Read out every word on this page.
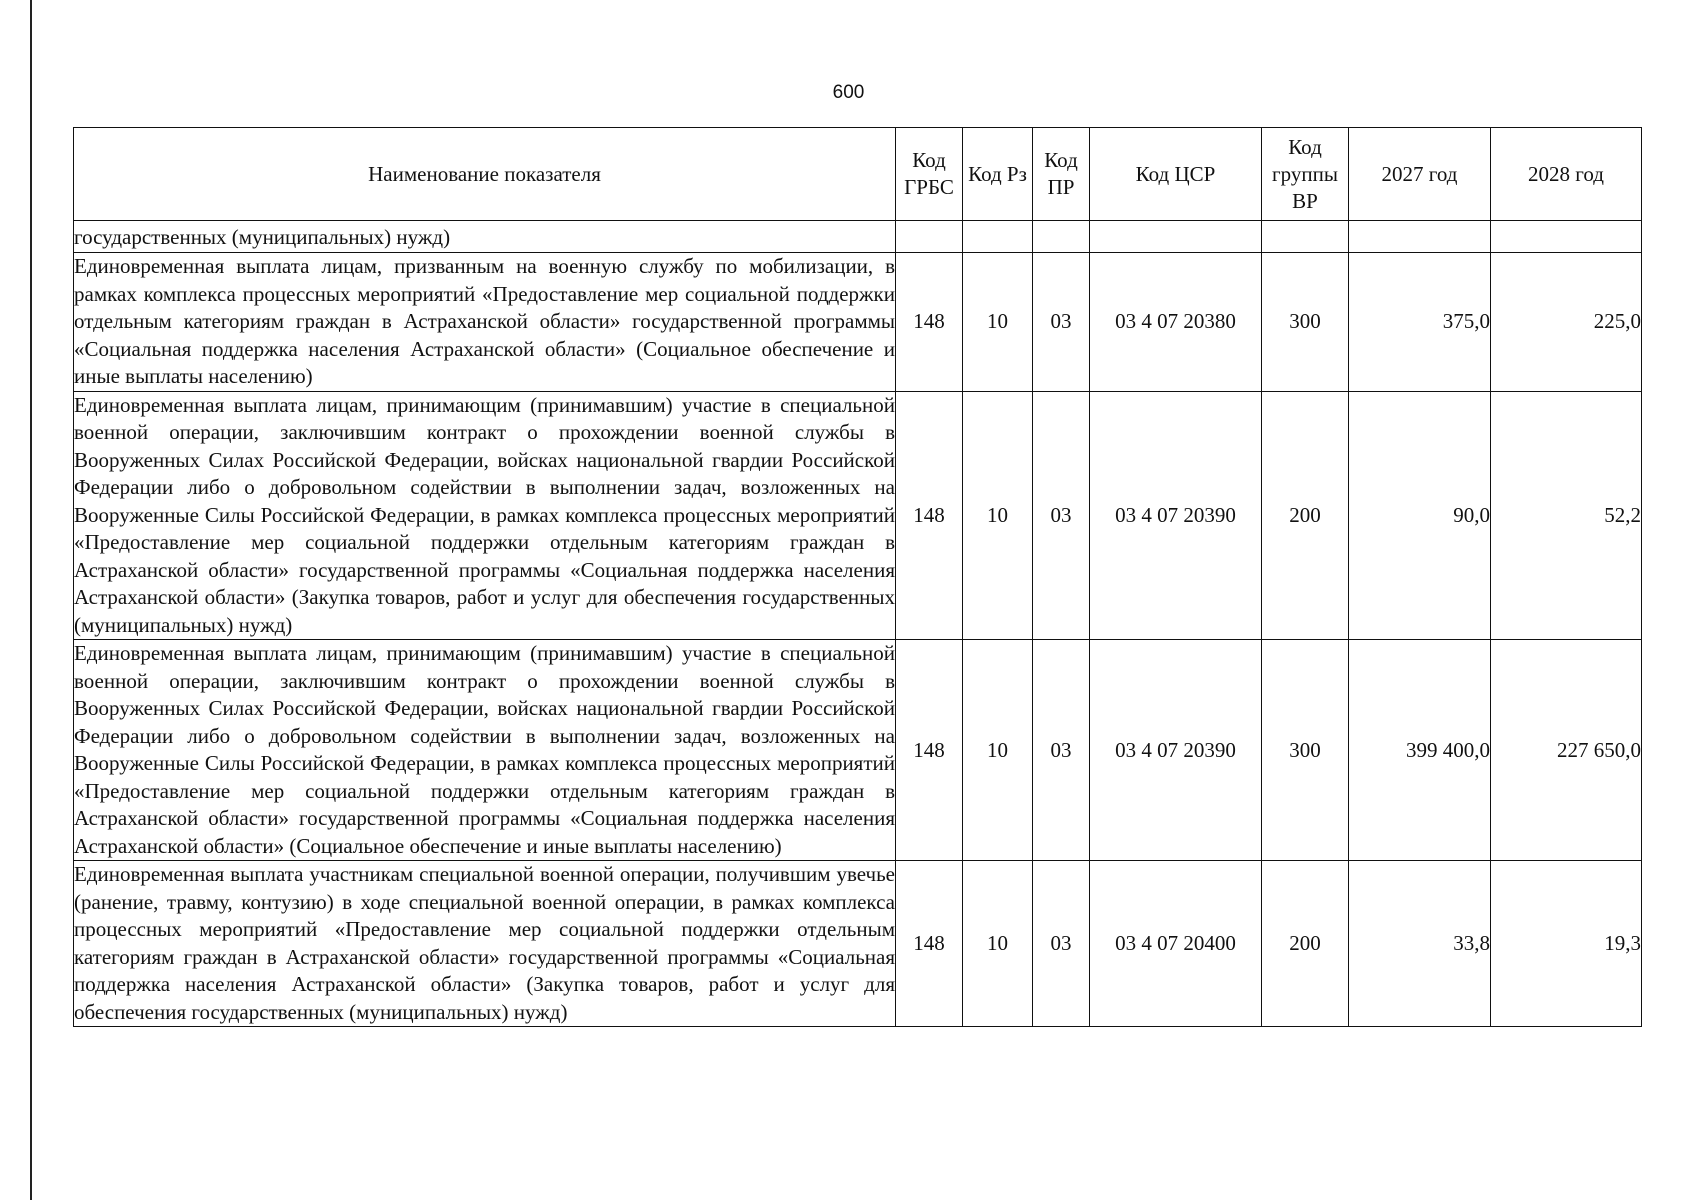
600
Наименование показателя	Код ГРБС	Код Рз	Код ПР	Код ЦСР	Код группы ВР	2027 год	2028 год
государственных (муниципальных) нужд)							
Единовременная выплата лицам, призванным на военную службу по мобилизации, в рамках комплекса процессных мероприятий «Предоставление мер социальной поддержки отдельным категориям граждан в Астраханской области» государственной программы «Социальная поддержка населения Астраханской области» (Социальное обеспечение и иные выплаты населению)	148	10	03	03 4 07 20380	300	375,0	225,0
Единовременная выплата лицам, принимающим (принимавшим) участие в специальной военной операции, заключившим контракт о прохождении военной службы в Вооруженных Силах Российской Федерации, войсках национальной гвардии Российской Федерации либо о добровольном содействии в выполнении задач, возложенных на Вооруженные Силы Российской Федерации, в рамках комплекса процессных мероприятий «Предоставление мер социальной поддержки отдельным категориям граждан в Астраханской области» государственной программы «Социальная поддержка населения Астраханской области» (Закупка товаров, работ и услуг для обеспечения государственных (муниципальных) нужд)	148	10	03	03 4 07 20390	200	90,0	52,2
Единовременная выплата лицам, принимающим (принимавшим) участие в специальной военной операции, заключившим контракт о прохождении военной службы в Вооруженных Силах Российской Федерации, войсках национальной гвардии Российской Федерации либо о добровольном содействии в выполнении задач, возложенных на Вооруженные Силы Российской Федерации, в рамках комплекса процессных мероприятий «Предоставление мер социальной поддержки отдельным категориям граждан в Астраханской области» государственной программы «Социальная поддержка населения Астраханской области» (Социальное обеспечение и иные выплаты населению)	148	10	03	03 4 07 20390	300	399 400,0	227 650,0
Единовременная выплата участникам специальной военной операции, получившим увечье (ранение, травму, контузию) в ходе специальной военной операции, в рамках комплекса процессных мероприятий «Предоставление мер социальной поддержки отдельным категориям граждан в Астраханской области» государственной программы «Социальная поддержка населения Астраханской области» (Закупка товаров, работ и услуг для обеспечения государственных (муниципальных) нужд)	148	10	03	03 4 07 20400	200	33,8	19,3
